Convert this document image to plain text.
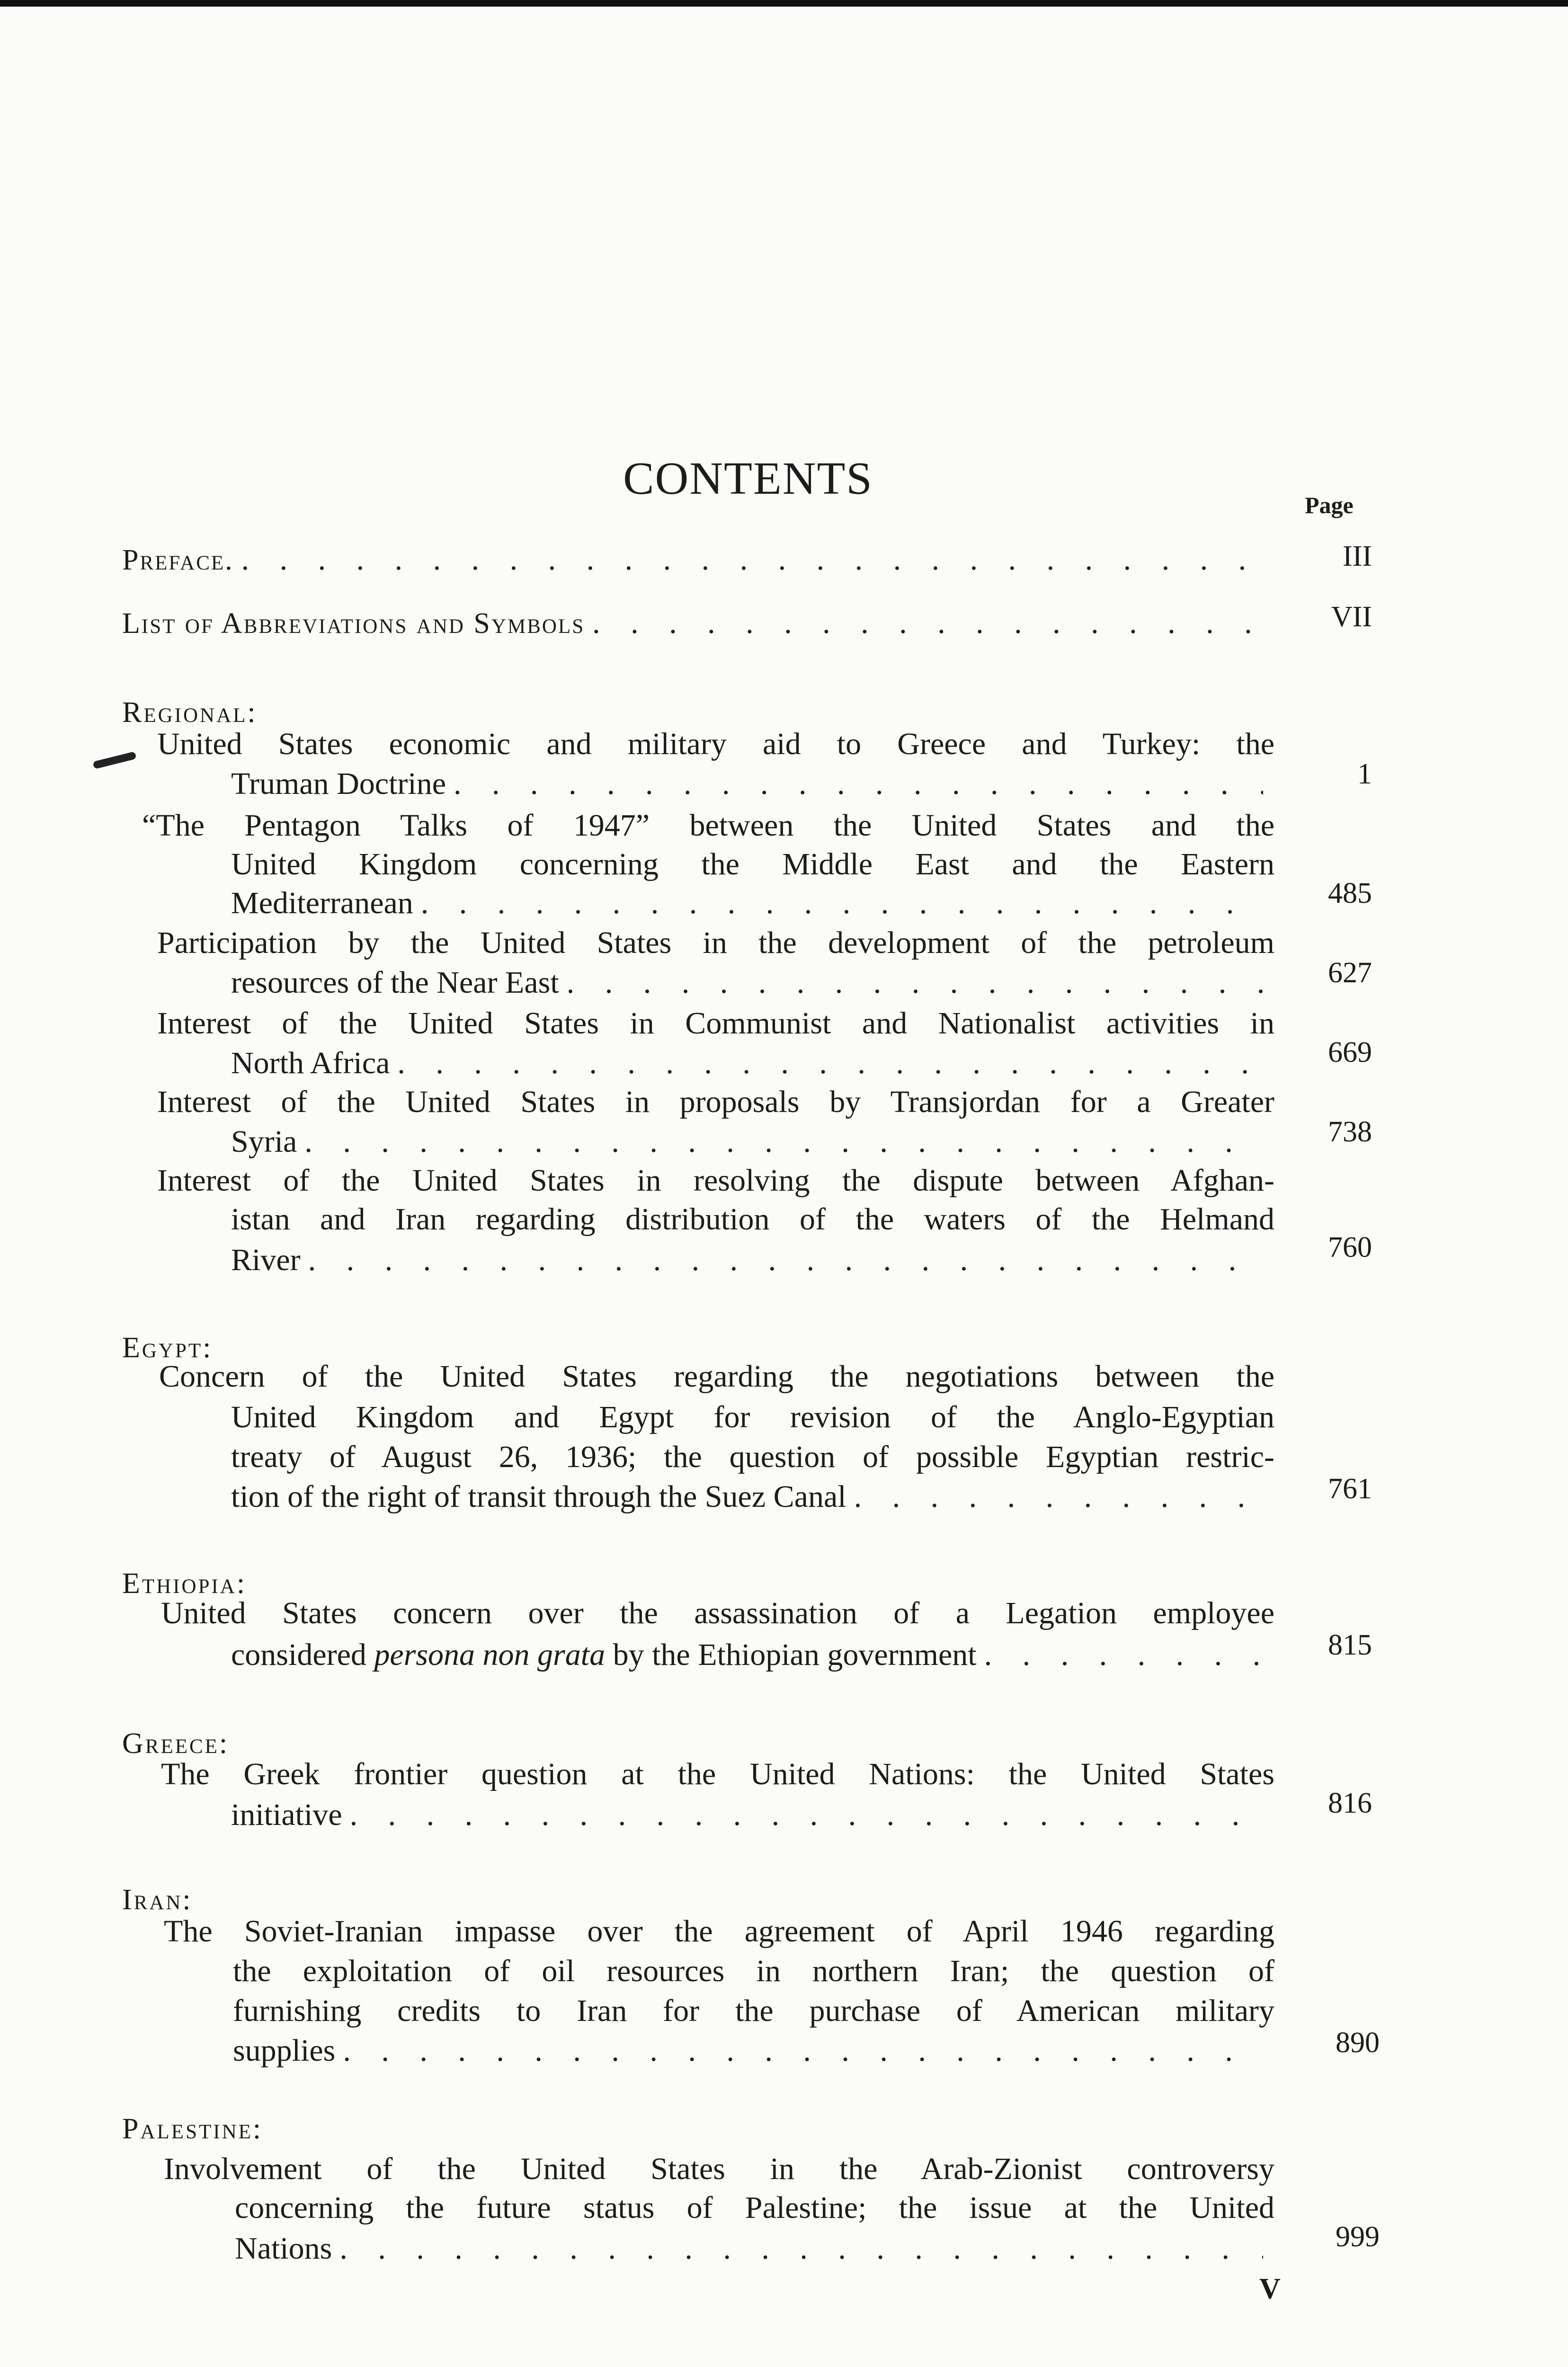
CONTENTS
Page
Preface . . . .	III
List of Abbreviations and Symbols . . .	VII
Regional:
United States economic and military aid to Greece and Turkey: the
Truman Doctrine . . .	1
“The Pentagon Talks of 1947” between the United States and the
United Kingdom concerning the Middle East and the Eastern
Mediterranean . . .	485
Participation by the United States in the development of the petroleum
resources of the Near East . . .	627
Interest of the United States in Communist and Nationalist activities in
North Africa . . .	669
Interest of the United States in proposals by Transjordan for a Greater
Syria . . .	738
Interest of the United States in resolving the dispute between Afghan-
istan and Iran regarding distribution of the waters of the Helmand
River . . .	760
Egypt:
Concern of the United States regarding the negotiations between the
United Kingdom and Egypt for revision of the Anglo-Egyptian
treaty of August 26, 1936; the question of possible Egyptian restric-
tion of the right of transit through the Suez Canal . . .	761
Ethiopia:
United States concern over the assassination of a Legation employee
considered
persona non grata
by the Ethiopian government . . .	815
Greece:
The Greek frontier question at the United Nations: the United States
initiative . . .	816
Iran:
The Soviet-Iranian impasse over the agreement of April 1946 regarding
the exploitation of oil resources in northern Iran; the question of
furnishing credits to Iran for the purchase of American military
supplies . . .	890
Palestine:
Involvement of the United States in the Arab-Zionist controversy
concerning the future status of Palestine; the issue at the United
Nations . . .	999
V
